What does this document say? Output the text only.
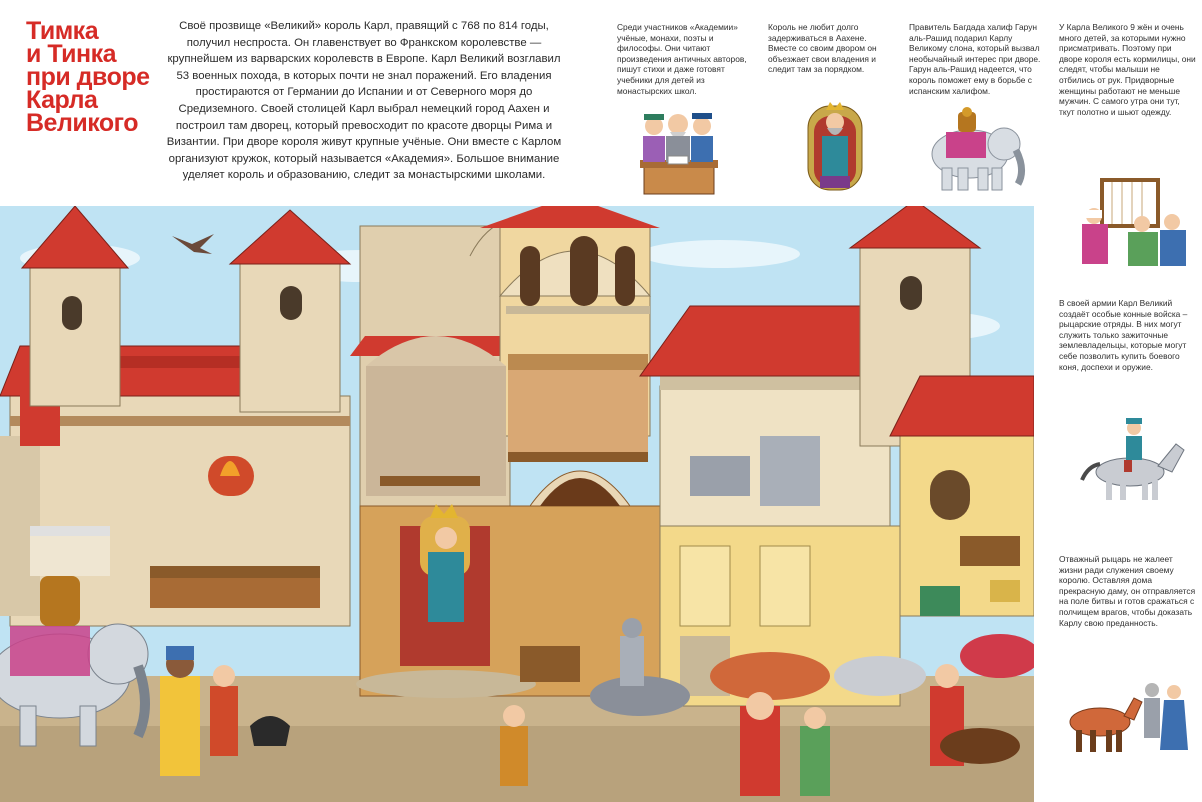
Тимка
и Тинка
при дворе
Карла
Великого

Своё прозвище «Великий» король Карл, правящий с 768 по 814 годы, получил неспроста. Он главенствует во Франкском королевстве — крупнейшем из варварских королевств в Европе. Карл Великий возглавил 53 военных похода, в которых почти не знал поражений. Его владения простираются от Германии до Испании и от Северного моря до Средиземного. Своей столицей Карл выбрал немецкий город Аахен и построил там дворец, который превосходит по красоте дворцы Рима и Византии. При дворе короля живут крупные учёные. Они вместе с Карлом организуют кружок, который называется «Академия». Большое внимание уделяет король и образованию, следит за монастырскими школами.

Среди участников «Академии» учёные, монахи, поэты и философы. Они читают произведения античных авторов, пишут стихи и даже готовят учебники для детей из монастырских школ.

Король не любит долго задерживаться в Аахене. Вместе со своим двором он объезжает свои владения и следит там за порядком.

Правитель Багдада халиф Гарун аль-Рашид подарил Карлу Великому слона, который вызвал необычайный интерес при дворе. Гарун аль-Рашид надеется, что король поможет ему в борьбе с испанским халифом.

У Карла Великого 9 жён и очень много детей, за которыми нужно присматривать. Поэтому при дворе короля есть кормилицы, они следят, чтобы малыши не отбились от рук. Придворные женщины работают не меньше мужчин. С самого утра они тут, ткут полотно и шьют одежду.

В своей армии Карл Великий создаёт особые конные войска – рыцарские отряды. В них могут служить только зажиточные землевладельцы, которые могут себе позволить купить боевого коня, доспехи и оружие.

Отважный рыцарь не жалеет жизни ради служения своему королю. Оставляя дома прекрасную даму, он отправляется на поле битвы и готов сражаться с полчищем врагов, чтобы доказать Карлу свою преданность.
